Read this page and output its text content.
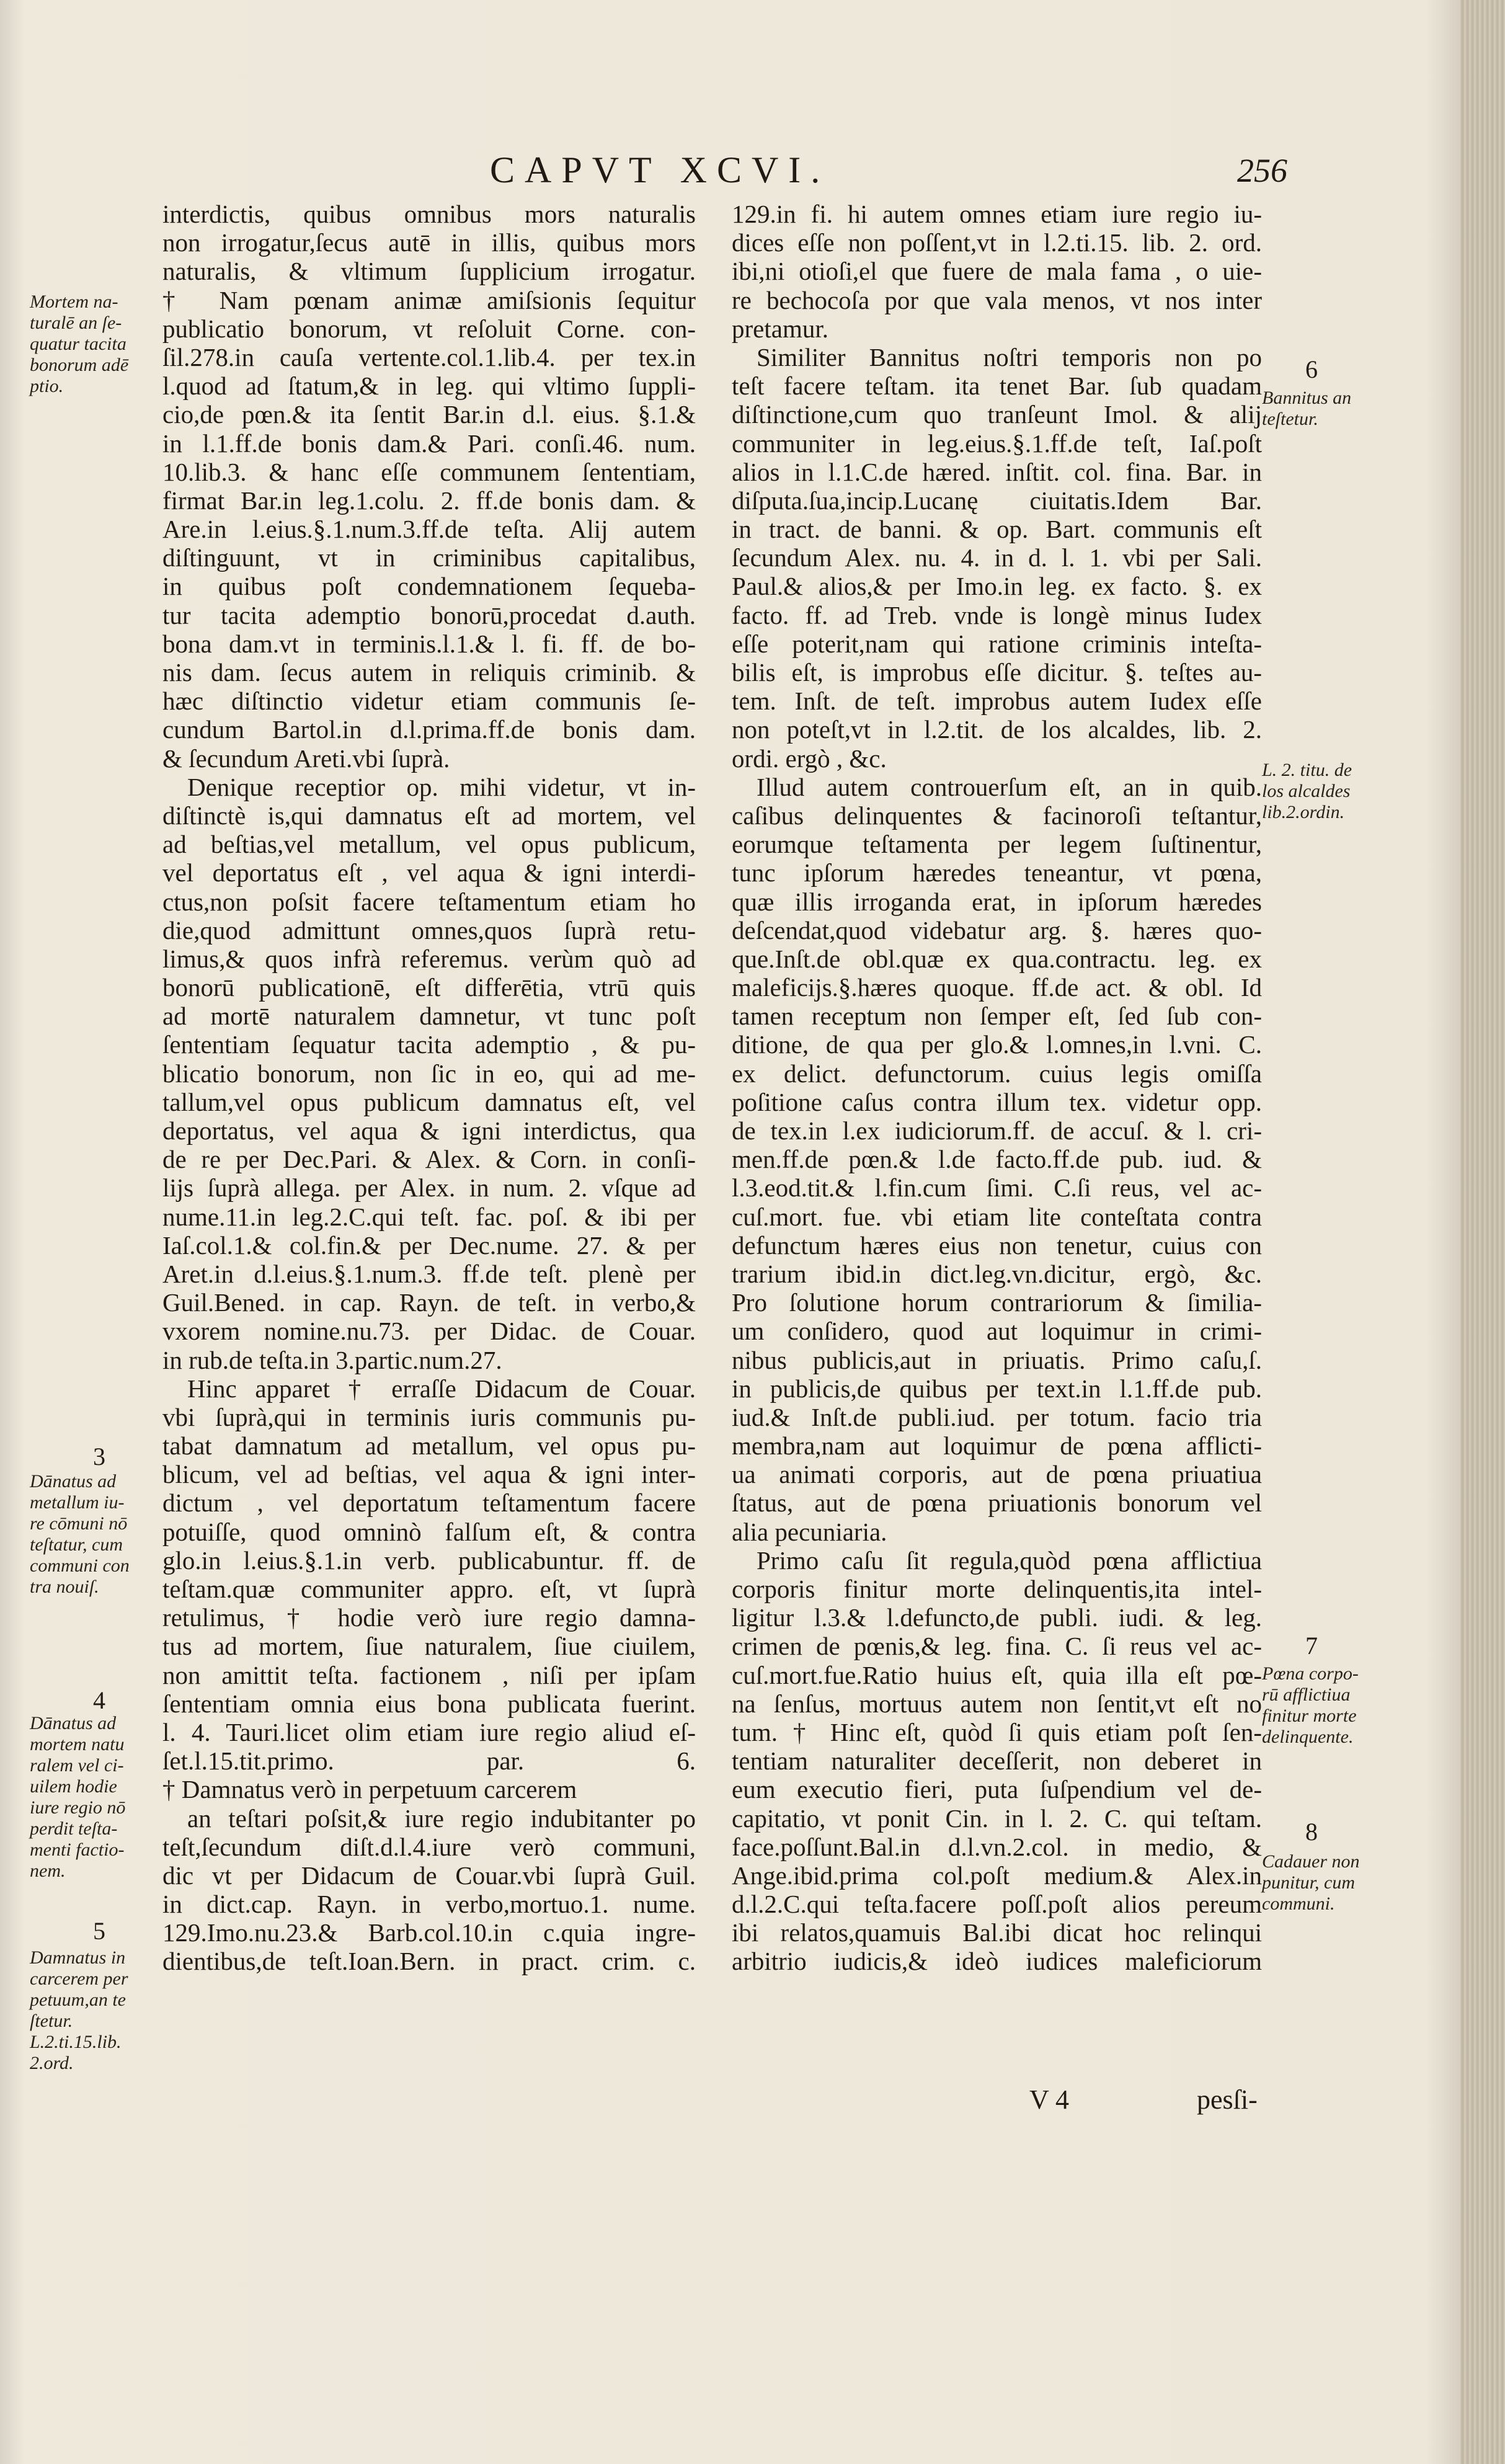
CAPVT XCVI.	256
Mortem na-
turalē an ſe-
quatur tacita
bonorum adē
ptio.
3
Dānatus ad
metallum iu-
re cōmuni nō
teſtatur, cum
communi con
tra nouiſ.
4
Dānatus ad
mortem natu
ralem vel ci-
uilem hodie
iure regio nō
perdit teſta-
menti factio-
nem.
5
Damnatus in
carcerem per
petuum,an te
ſtetur.
L.2.ti.15.lib.
2.ord.
6
Bannitus an
teſtetur.
L. 2. titu. de
los alcaldes
lib.2.ordin.
7
Pœna corpo-
rū afflictiua
finitur morte
delinquente.
8
Cadauer non
punitur, cum
communi.
interdictis, quibus omnibus mors naturalis
non irrogatur,ſecus autē in illis, quibus mors
naturalis, & vltimum ſupplicium irrogatur.
† Nam pœnam animæ amiſsionis ſequitur
publicatio bonorum, vt reſoluit Corne. con-
ſil.278.in cauſa vertente.col.1.lib.4. per tex.in
l.quod ad ſtatum,& in leg. qui vltimo ſuppli-
cio,de pœn.& ita ſentit Bar.in d.l. eius. §.1.&
in l.1.ff.de bonis dam.& Pari. conſi.46. num.
10.lib.3. & hanc eſſe communem ſententiam,
firmat Bar.in leg.1.colu. 2. ff.de bonis dam. &
Are.in l.eius.§.1.num.3.ff.de teſta. Alij autem
diſtinguunt, vt in criminibus capitalibus,
in quibus poſt condemnationem ſequeba-
tur tacita ademptio bonorū,procedat d.auth.
bona dam.vt in terminis.l.1.& l. fi. ff. de bo-
nis dam. ſecus autem in reliquis criminib. &
hæc diſtinctio videtur etiam communis ſe-
cundum Bartol.in d.l.prima.ff.de bonis dam.
& ſecundum Areti.vbi ſuprà.
Denique receptior op. mihi videtur, vt in-
diſtinctè is,qui damnatus eſt ad mortem, vel
ad beſtias,vel metallum, vel opus publicum,
vel deportatus eſt , vel aqua & igni interdi-
ctus,non poſsit facere teſtamentum etiam ho
die,quod admittunt omnes,quos ſuprà retu-
limus,& quos infrà referemus. verùm quò ad
bonorū publicationē, eſt differētia, vtrū quis
ad mortē naturalem damnetur, vt tunc poſt
ſententiam ſequatur tacita ademptio , & pu-
blicatio bonorum, non ſic in eo, qui ad me-
tallum,vel opus publicum damnatus eſt, vel
deportatus, vel aqua & igni interdictus, qua
de re per Dec.Pari. & Alex. & Corn. in conſi-
lijs ſuprà allega. per Alex. in num. 2. vſque ad
nume.11.in leg.2.C.qui teſt. fac. poſ. & ibi per
Iaſ.col.1.& col.fin.& per Dec.nume. 27. & per
Aret.in d.l.eius.§.1.num.3. ff.de teſt. plenè per
Guil.Bened. in cap. Rayn. de teſt. in verbo,&
vxorem nomine.nu.73. per Didac. de Couar.
in rub.de teſta.in 3.partic.num.27.
Hinc apparet † erraſſe Didacum de Couar.
vbi ſuprà,qui in terminis iuris communis pu-
tabat damnatum ad metallum, vel opus pu-
blicum, vel ad beſtias, vel aqua & igni inter-
dictum , vel deportatum teſtamentum facere
potuiſſe, quod omninò falſum eſt, & contra
glo.in l.eius.§.1.in verb. publicabuntur. ff. de
teſtam.quæ communiter appro. eſt, vt ſuprà
retulimus, † hodie verò iure regio damna-
tus ad mortem, ſiue naturalem, ſiue ciuilem,
non amittit teſta. factionem , niſi per ipſam
ſententiam omnia eius bona publicata fuerint.
l. 4. Tauri.licet olim etiam iure regio aliud eſ-
ſet.l.15.tit.primo. par. 6.
† Damnatus verò in perpetuum carcerem
an teſtari poſsit,& iure regio indubitanter po
teſt,ſecundum diſt.d.l.4.iure verò communi,
dic vt per Didacum de Couar.vbi ſuprà Guil.
in dict.cap. Rayn. in verbo,mortuo.1. nume.
129.Imo.nu.23.& Barb.col.10.in c.quia ingre-
dientibus,de teſt.Ioan.Bern. in pract. crim. c.
129.in fi. hi autem omnes etiam iure regio iu-
dices eſſe non poſſent,vt in l.2.ti.15. lib. 2. ord.
ibi,ni otioſi,el que fuere de mala fama , o uie-
re bechocoſa por que vala menos, vt nos inter
pretamur.
Similiter Bannitus noſtri temporis non po
teſt facere teſtam. ita tenet Bar. ſub quadam
diſtinctione,cum quo tranſeunt Imol. & alij
communiter in leg.eius.§.1.ff.de teſt, Iaſ.poſt
alios in l.1.C.de hæred. inſtit. col. fina. Bar. in
diſputa.ſua,incip.Lucanę ciuitatis.Idem Bar.
in tract. de banni. & op. Bart. communis eſt
ſecundum Alex. nu. 4. in d. l. 1. vbi per Sali.
Paul.& alios,& per Imo.in leg. ex facto. §. ex
facto. ff. ad Treb. vnde is longè minus Iudex
eſſe poterit,nam qui ratione criminis inteſta-
bilis eſt, is improbus eſſe dicitur. §. teſtes au-
tem. Inſt. de teſt. improbus autem Iudex eſſe
non poteſt,vt in l.2.tit. de los alcaldes, lib. 2.
ordi. ergò , &c.
Illud autem controuerſum eſt, an in quib.
caſibus delinquentes & facinoroſi teſtantur,
eorumque teſtamenta per legem ſuſtinentur,
tunc ipſorum hæredes teneantur, vt pœna,
quæ illis irroganda erat, in ipſorum hæredes
deſcendat,quod videbatur arg. §. hæres quo-
que.Inſt.de obl.quæ ex qua.contractu. leg. ex
maleficijs.§.hæres quoque. ff.de act. & obl. Id
tamen receptum non ſemper eſt, ſed ſub con-
ditione, de qua per glo.& l.omnes,in l.vni. C.
ex delict. defunctorum. cuius legis omiſſa
poſitione caſus contra illum tex. videtur opp.
de tex.in l.ex iudiciorum.ff. de accuſ. & l. cri-
men.ff.de pœn.& l.de facto.ff.de pub. iud. &
l.3.eod.tit.& l.fin.cum ſimi. C.ſi reus, vel ac-
cuſ.mort. fue. vbi etiam lite conteſtata contra
defunctum hæres eius non tenetur, cuius con
trarium ibid.in dict.leg.vn.dicitur, ergò, &c.
Pro ſolutione horum contrariorum & ſimilia-
um conſidero, quod aut loquimur in crimi-
nibus publicis,aut in priuatis. Primo caſu,ſ.
in publicis,de quibus per text.in l.1.ff.de pub.
iud.& Inſt.de publi.iud. per totum. facio tria
membra,nam aut loquimur de pœna afflicti-
ua animati corporis, aut de pœna priuatiua
ſtatus, aut de pœna priuationis bonorum vel
alia pecuniaria.
Primo caſu ſit regula,quòd pœna afflictiua
corporis finitur morte delinquentis,ita intel-
ligitur l.3.& l.defuncto,de publi. iudi. & leg.
crimen de pœnis,& leg. fina. C. ſi reus vel ac-
cuſ.mort.fue.Ratio huius eſt, quia illa eſt pœ-
na ſenſus, mortuus autem non ſentit,vt eſt no
tum. † Hinc eſt, quòd ſi quis etiam poſt ſen-
tentiam naturaliter deceſſerit, non deberet in
eum executio fieri, puta ſuſpendium vel de-
capitatio, vt ponit Cin. in l. 2. C. qui teſtam.
face.poſſunt.Bal.in d.l.vn.2.col. in medio, &
Ange.ibid.prima col.poſt medium.& Alex.in
d.l.2.C.qui teſta.facere poſſ.poſt alios pereum
ibi relatos,quamuis Bal.ibi dicat hoc relinqui
arbitrio iudicis,& ideò iudices maleficiorum
V 4	pesſi-
